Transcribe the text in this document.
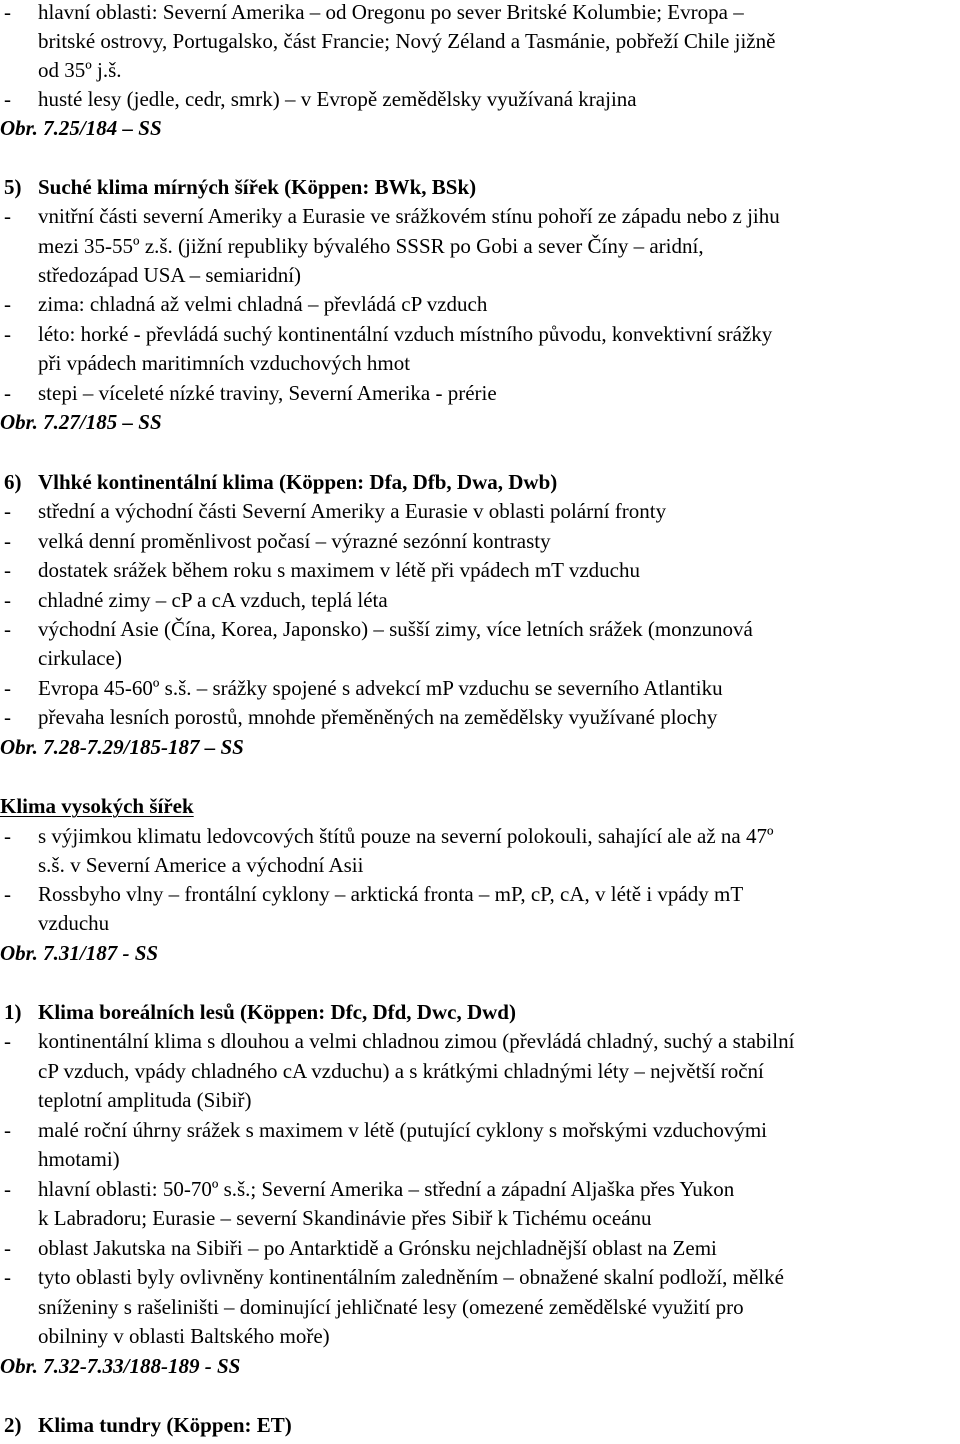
- hlavní oblasti: Severní Amerika – od Oregonu po sever Britské Kolumbie; Evropa –
britské ostrovy, Portugalsko, část Francie; Nový Zéland a Tasmánie, pobřeží Chile jižně
od 35º j.š.
- husté lesy (jedle, cedr, smrk) – v Evropě zemědělsky využívaná krajina
Obr. 7.25/184 – SS
5) Suché klima mírných šířek (Köppen: BWk, BSk)
- vnitřní části severní Ameriky a Eurasie ve srážkovém stínu pohoří ze západu nebo z jihu
mezi 35-55º z.š. (jižní republiky bývalého SSSR po Gobi a sever Číny – aridní,
středozápad USA – semiaridní)
- zima: chladná až velmi chladná – převládá cP vzduch
- léto: horké - převládá suchý kontinentální vzduch místního původu, konvektivní srážky
při vpádech maritimních vzduchových hmot
- stepi – víceleté nízké traviny, Severní Amerika - prérie
Obr. 7.27/185 – SS
6) Vlhké kontinentální klima (Köppen: Dfa, Dfb, Dwa, Dwb)
- střední a východní části Severní Ameriky a Eurasie v oblasti polární fronty
- velká denní proměnlivost počasí – výrazné sezónní kontrasty
- dostatek srážek během roku s maximem v létě při vpádech mT vzduchu
- chladné zimy – cP a cA vzduch, teplá léta
- východní Asie (Čína, Korea, Japonsko) – sušší zimy, více letních srážek (monzunová
cirkulace)
- Evropa 45-60º s.š. – srážky spojené s advekcí mP vzduchu se severního Atlantiku
- převaha lesních porostů, mnohde přeměněných na zemědělsky využívané plochy
Obr. 7.28-7.29/185-187 – SS
Klima vysokých šířek
- s výjimkou klimatu ledovcových štítů pouze na severní polokouli, sahající ale až na 47º
s.š. v Severní Americe a východní Asii
- Rossbyho vlny – frontální cyklony – arktická fronta – mP, cP, cA, v létě i vpády mT
vzduchu
Obr. 7.31/187 - SS
1) Klima boreálních lesů (Köppen: Dfc, Dfd, Dwc, Dwd)
- kontinentální klima s dlouhou a velmi chladnou zimou (převládá chladný, suchý a stabilní
cP vzduch, vpády chladného cA vzduchu) a s krátkými chladnými léty – největší roční
teplotní amplituda (Sibiř)
- malé roční úhrny srážek s maximem v létě (putující cyklony s mořskými vzduchovými
hmotami)
- hlavní oblasti: 50-70º s.š.; Severní Amerika – střední a západní Aljaška přes Yukon
k Labradoru; Eurasie – severní Skandinávie přes Sibiř k Tichému oceánu
- oblast Jakutska na Sibiři – po Antarktidě a Grónsku nejchladnější oblast na Zemi
- tyto oblasti byly ovlivněny kontinentálním zaledněním – obnažené skalní podloží, mělké
sníženiny s rašeliništi – dominující jehličnaté lesy (omezené zemědělské využití pro
obilniny v oblasti Baltského moře)
Obr. 7.32-7.33/188-189 - SS
2) Klima tundry (Köppen: ET)
